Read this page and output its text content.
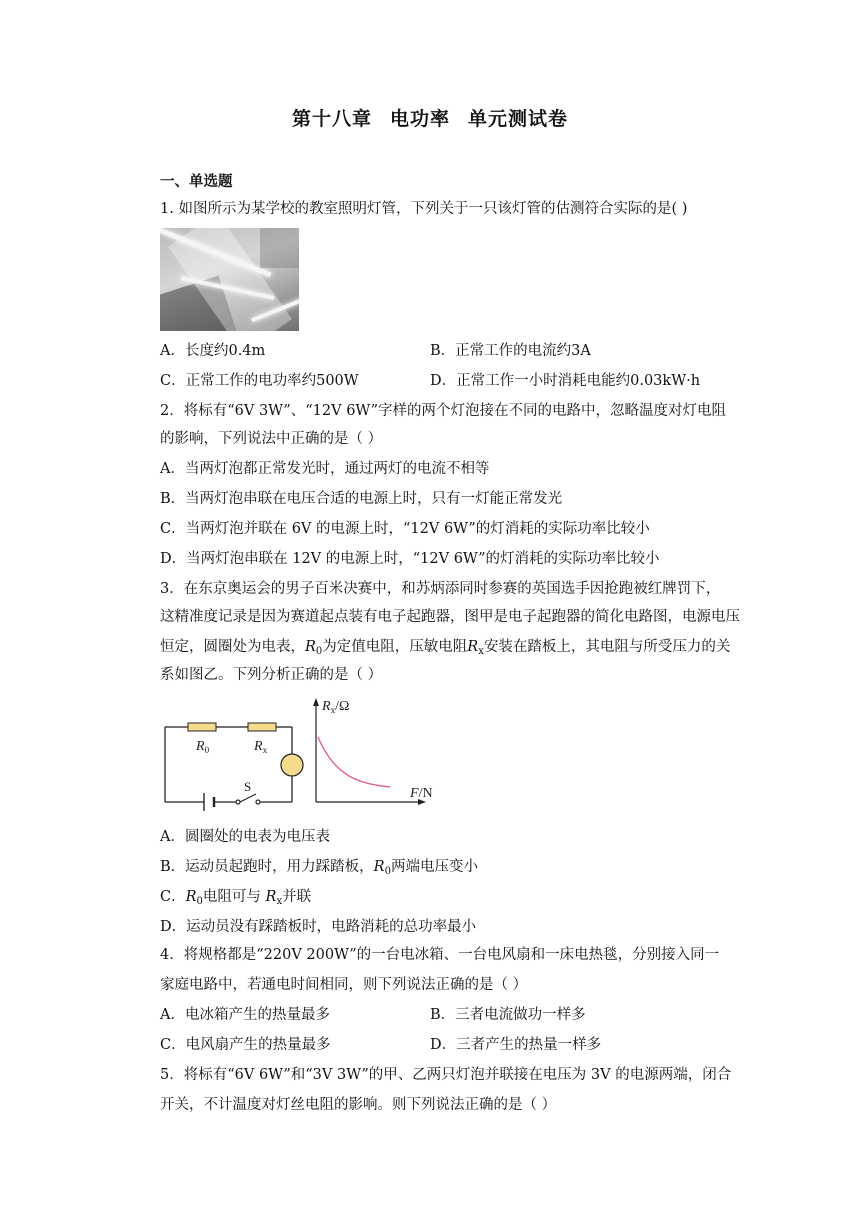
第十八章 电功率 单元测试卷
一、单选题
1. 如图所示为某学校的教室照明灯管，下列关于一只该灯管的估测符合实际的是( )
A．长度约0.4m	B．正常工作的电流约3A
C．正常工作的电功率约500W	D．正常工作一小时消耗电能约0.03kW·h
2．将标有“6V 3W”、“12V 6W”字样的两个灯泡接在不同的电路中，忽略温度对灯电阻
的影响，下列说法中正确的是（ ）
A．当两灯泡都正常发光时，通过两灯的电流不相等
B．当两灯泡串联在电压合适的电源上时，只有一灯能正常发光
C．当两灯泡并联在 6V 的电源上时，“12V 6W”的灯消耗的实际功率比较小
D．当两灯泡串联在 12V 的电源上时，“12V 6W”的灯消耗的实际功率比较小
3．在东京奥运会的男子百米决赛中，和苏炳添同时参赛的英国选手因抢跑被红牌罚下，
这精准度记录是因为赛道起点装有电子起跑器，图甲是电子起跑器的简化电路图，电源电压
恒定，圆圈处为电表，$R_0$为定值电阻，压敏电阻$R_x$安装在踏板上，其电阻与所受压力的关
系如图乙。下列分析正确的是（ ）
$R_0$	$R_x$
S
$R_x/\Omega$
F/N
A．圆圈处的电表为电压表
B．运动员起跑时，用力踩踏板，$R_0$两端电压变小
C．$R_0$电阻可与 $R_x$并联
D．运动员没有踩踏板时，电路消耗的总功率最小
4．将规格都是“220V 200W”的一台电冰箱、一台电风扇和一床电热毯，分别接入同一
家庭电路中，若通电时间相同，则下列说法正确的是（ ）
A．电冰箱产生的热量最多	B．三者电流做功一样多
C．电风扇产生的热量最多	D．三者产生的热量一样多
5．将标有“6V 6W”和“3V 3W”的甲、乙两只灯泡并联接在电压为 3V 的电源两端，闭合
开关，不计温度对灯丝电阻的影响。则下列说法正确的是（ ）
